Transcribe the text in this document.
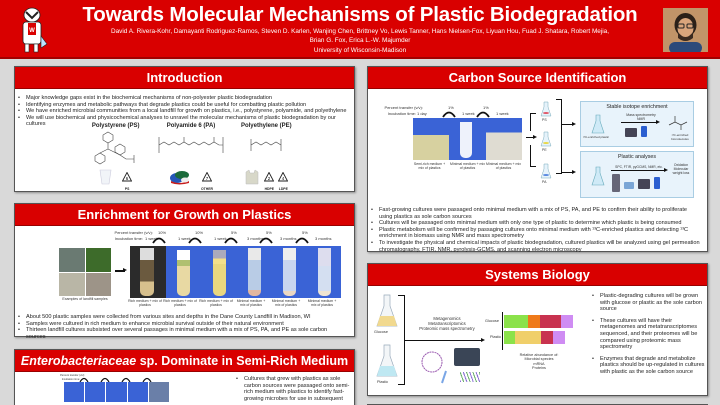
W
Towards Molecular Mechanisms of Plastic Biodegradation
David A. Rivera-Kohr, Damayanti Rodriguez-Ramos, Steven D. Karlen, Wanjing Chen, Brittney Vo, Lewis Tanner, Hans Nielsen-Fox, Liyuan Hou, Fuad J. Shatara, Robert Mejia,
Brian G. Fox, Erica L.-W. Majumder
University of Wisconsin-Madison
Introduction
• Major knowledge gaps exist in the biochemical mechanisms of non-polyester plastic biodegradation
• Identifying enzymes and metabolic pathways that degrade plastics could be useful for combatting plastic pollution
• We have enriched microbial communities from a local landfill for growth on plastics, i.e., polystyrene, polyamide, and polyethylene
• We will use biochemical and physicochemical analyses to unravel the molecular mechanisms of plastic biodegradation by our cultures	Polystyrene (PS)
6
PS
Polyamide 6 (PA)
7
OTHER
Polyethylene (PE)
2
HDPE
4
LDPE
Enrichment for Growth on Plastics
Percent transfer (v/v):
Incubation time:
10%	10%	5%	5%	5%
1 week	1 week	1 week	3 months	3 months	3 months
Examples of landfill samples	Rich medium + mix of plastics
Rich medium + mix of plastics
Rich medium + mix of plastics
Minimal medium + mix of plastics
Minimal medium + mix of plastics
Minimal medium + mix of plastics
• About 500 plastic samples were collected from various sites and depths in the Dane County Landfill in Madison, WI
• Samples were cultured in rich medium to enhance microbial survival outside of their natural environment
• Thirteen landfill cultures subsisted over several passages in minimal medium with a mix of PS, PA, and PE as sole carbon sources
Enterobacteriaceae sp. Dominate in Semi-Rich Medium
Percent transfer (v/v):
Incubation time:	• Cultures that grew with plastics as sole carbon sources were passaged onto semi-rich medium with plastics to identify fast-growing microbes for use in subsequent
Carbon Source Identification
Percent transfer (v/v):
Incubation time: 1 day
1%
1 week
1%
1 week
Semi-rich medium + mix of plastics
Minimal medium + mix of plastics
Minimal medium + mix of plastics
PS
PE
PA
Stable isotope enrichment
¹³C-enriched plastic
Mass spectrometry
NMR
¹³C-enriched biomolecules
Plastic analyses
SPC, FTIR, pyGCMS, NMR, etc.	Oxidation Molecular weight loss
• Fast-growing cultures were passaged onto minimal medium with a mix of PS, PA, and PE to confirm their ability to proliferate using plastics as sole carbon sources
• Cultures will be passaged onto minimal medium with only one type of plastic to determine which plastic is being consumed
• Plastic metabolism will be confirmed by passaging cultures onto minimal medium with ¹³C-enriched plastics and detecting ¹³C enrichment in biomass using NMR and mass spectrometry
• To investigate the physical and chemical impacts of plastic biodegradation, cultured plastics will be analyzed using gel permeation chromatography, FTIR, NMR, pyrolysis-GCMS, and scanning electron microscopy
Systems Biology
Glucose
Plastic
Metagenomics
Metatranscriptomics
Proteomic mass spectrometry
Glucose
Plastic
Relative abundance of:
Microbial species
mRNA
Proteins
• Plastic-degrading cultures will be grown with glucose or plastic as the sole carbon source
• These cultures will have their metagenomes and metatranscriptomes sequenced, and their proteomes will be compared using proteomic mass spectrometry
• Enzymes that degrade and metabolize plastics should be up-regulated in cultures with plastic as the sole carbon source
